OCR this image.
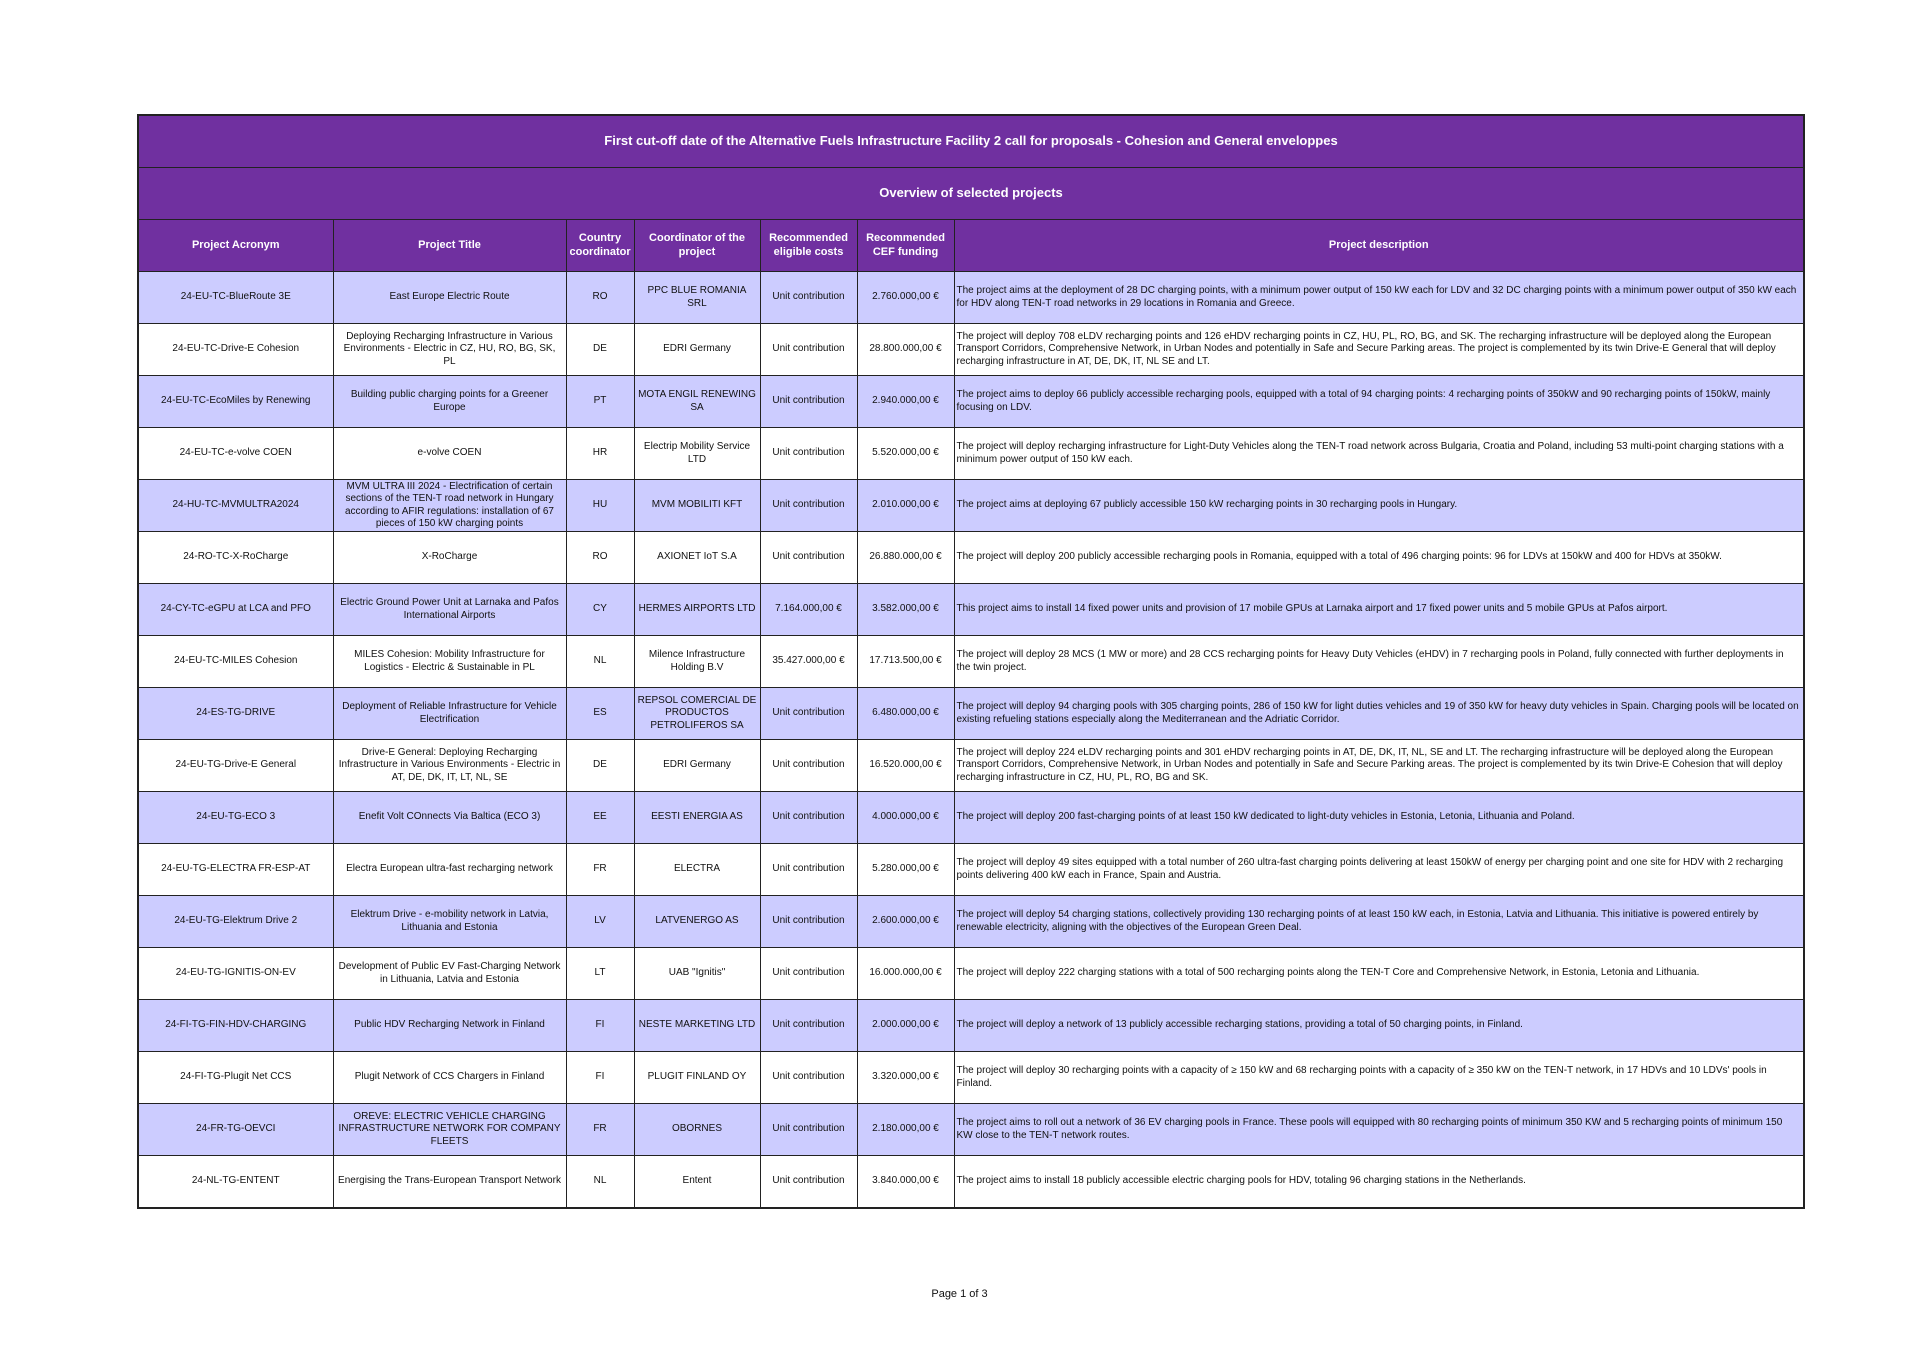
First cut-off date of the Alternative Fuels Infrastructure Facility 2 call for proposals - Cohesion and General enveloppes						
Overview of selected projects						
Project Acronym	Project Title	Country coordinator	Coordinator of the project	Recommended eligible costs	Recommended CEF funding	Project description
24-EU-TC-BlueRoute 3E	East Europe Electric Route	RO	PPC BLUE ROMANIA SRL	Unit contribution	2.760.000,00 €	The project aims at the deployment of 28 DC charging points, with a minimum power output of 150 kW each for LDV and 32 DC charging points with a minimum power output of 350 kW each for HDV along TEN-T road networks in 29 locations in Romania and Greece.
24-EU-TC-Drive-E Cohesion	Deploying Recharging Infrastructure in Various Environments - Electric in CZ, HU, RO, BG, SK, PL	DE	EDRI Germany	Unit contribution	28.800.000,00 €	The project will deploy 708 eLDV recharging points and 126 eHDV recharging points in CZ, HU, PL, RO, BG, and SK. The recharging infrastructure will be deployed along the European Transport Corridors, Comprehensive Network, in Urban Nodes and potentially in Safe and Secure Parking areas. The project is complemented by its twin Drive-E General that will deploy recharging infrastructure in AT, DE, DK, IT, NL SE and LT.
24-EU-TC-EcoMiles by Renewing	Building public charging points for a Greener Europe	PT	MOTA ENGIL RENEWING SA	Unit contribution	2.940.000,00 €	The project aims to deploy 66 publicly accessible recharging pools, equipped with a total of 94 charging points: 4 recharging points of 350kW and 90 recharging points of 150kW, mainly focusing on LDV.
24-EU-TC-e-volve COEN	e-volve COEN	HR	Electrip Mobility Service LTD	Unit contribution	5.520.000,00 €	The project will deploy recharging infrastructure for Light-Duty Vehicles along the TEN-T road network across Bulgaria, Croatia and Poland, including 53 multi-point charging stations with a minimum power output of 150 kW each.
24-HU-TC-MVMULTRA2024	MVM ULTRA III 2024 - Electrification of certain sections of the TEN-T road network in Hungary according to AFIR regulations: installation of 67 pieces of 150 kW charging points	HU	MVM MOBILITI KFT	Unit contribution	2.010.000,00 €	The project aims at deploying 67 publicly accessible 150 kW recharging points in 30 recharging pools in Hungary.
24-RO-TC-X-RoCharge	X-RoCharge	RO	AXIONET IoT S.A	Unit contribution	26.880.000,00 €	The project will deploy 200 publicly accessible recharging pools in Romania, equipped with a total of 496 charging points: 96 for LDVs at 150kW and 400 for HDVs at 350kW.
24-CY-TC-eGPU at LCA and PFO	Electric Ground Power Unit at Larnaka and Pafos International Airports	CY	HERMES AIRPORTS LTD	7.164.000,00 €	3.582.000,00 €	This project aims to install 14 fixed power units and provision of 17 mobile GPUs at Larnaka airport and 17 fixed power units and 5 mobile GPUs at Pafos airport.
24-EU-TC-MILES Cohesion	MILES Cohesion: Mobility Infrastructure for Logistics - Electric & Sustainable in PL	NL	Milence Infrastructure Holding B.V	35.427.000,00 €	17.713.500,00 €	The project will deploy 28 MCS (1 MW or more) and 28 CCS recharging points for Heavy Duty Vehicles (eHDV) in 7 recharging pools in Poland, fully connected with further deployments in the twin project.
24-ES-TG-DRIVE	Deployment of Reliable Infrastructure for Vehicle Electrification	ES	REPSOL COMERCIAL DE PRODUCTOS PETROLIFEROS SA	Unit contribution	6.480.000,00 €	The project will deploy 94 charging pools with 305 charging points, 286 of 150 kW for light duties vehicles and 19 of 350 kW for heavy duty vehicles in Spain. Charging pools will be located on existing refueling stations especially along the Mediterranean and the Adriatic Corridor.
24-EU-TG-Drive-E General	Drive-E General: Deploying Recharging Infrastructure in Various Environments - Electric in AT, DE, DK, IT, LT, NL, SE	DE	EDRI Germany	Unit contribution	16.520.000,00 €	The project will deploy 224 eLDV recharging points and 301 eHDV recharging points in AT, DE, DK, IT, NL, SE and LT. The recharging infrastructure will be deployed along the European Transport Corridors, Comprehensive Network, in Urban Nodes and potentially in Safe and Secure Parking areas. The project is complemented by its twin Drive-E Cohesion that will deploy recharging infrastructure in CZ, HU, PL, RO, BG and SK.
24-EU-TG-ECO 3	Enefit Volt COnnects Via Baltica (ECO 3)	EE	EESTI ENERGIA AS	Unit contribution	4.000.000,00 €	The project will deploy 200 fast-charging points of at least 150 kW dedicated to light-duty vehicles in Estonia, Letonia, Lithuania and Poland.
24-EU-TG-ELECTRA FR-ESP-AT	Electra European ultra-fast recharging network	FR	ELECTRA	Unit contribution	5.280.000,00 €	The project will deploy 49 sites equipped with a total number of 260 ultra-fast charging points delivering at least 150kW of energy per charging point and one site for HDV with 2 recharging points delivering 400 kW each in France, Spain and Austria.
24-EU-TG-Elektrum Drive 2	Elektrum Drive - e-mobility network in Latvia, Lithuania and Estonia	LV	LATVENERGO AS	Unit contribution	2.600.000,00 €	The project will deploy 54 charging stations, collectively providing 130 recharging points of at least 150 kW each, in Estonia, Latvia and Lithuania. This initiative is powered entirely by renewable electricity, aligning with the objectives of the European Green Deal.
24-EU-TG-IGNITIS-ON-EV	Development of Public EV Fast-Charging Network in Lithuania, Latvia and Estonia	LT	UAB "Ignitis"	Unit contribution	16.000.000,00 €	The project will deploy 222 charging stations with a total of 500 recharging points along the TEN-T Core and Comprehensive Network, in Estonia, Letonia and Lithuania.
24-FI-TG-FIN-HDV-CHARGING	Public HDV Recharging Network in Finland	FI	NESTE MARKETING LTD	Unit contribution	2.000.000,00 €	The project will deploy a network of 13 publicly accessible recharging stations, providing a total of 50 charging points, in Finland.
24-FI-TG-Plugit Net CCS	Plugit Network of CCS Chargers in Finland	FI	PLUGIT FINLAND OY	Unit contribution	3.320.000,00 €	The project will deploy 30 recharging points with a capacity of ≥ 150 kW and 68 recharging points with a capacity of ≥ 350 kW on the TEN-T network, in 17 HDVs and 10 LDVs' pools in Finland.
24-FR-TG-OEVCI	OREVE: ELECTRIC VEHICLE CHARGING INFRASTRUCTURE NETWORK FOR COMPANY FLEETS	FR	OBORNES	Unit contribution	2.180.000,00 €	The project aims to roll out a network of 36 EV charging pools in France. These pools will equipped with 80 recharging points of minimum 350 KW and 5 recharging points of minimum 150 KW close to the TEN-T network routes.
24-NL-TG-ENTENT	Energising the Trans-European Transport Network	NL	Entent	Unit contribution	3.840.000,00 €	The project aims to install 18 publicly accessible electric charging pools for HDV, totaling 96 charging stations in the Netherlands.
Page 1 of 3
